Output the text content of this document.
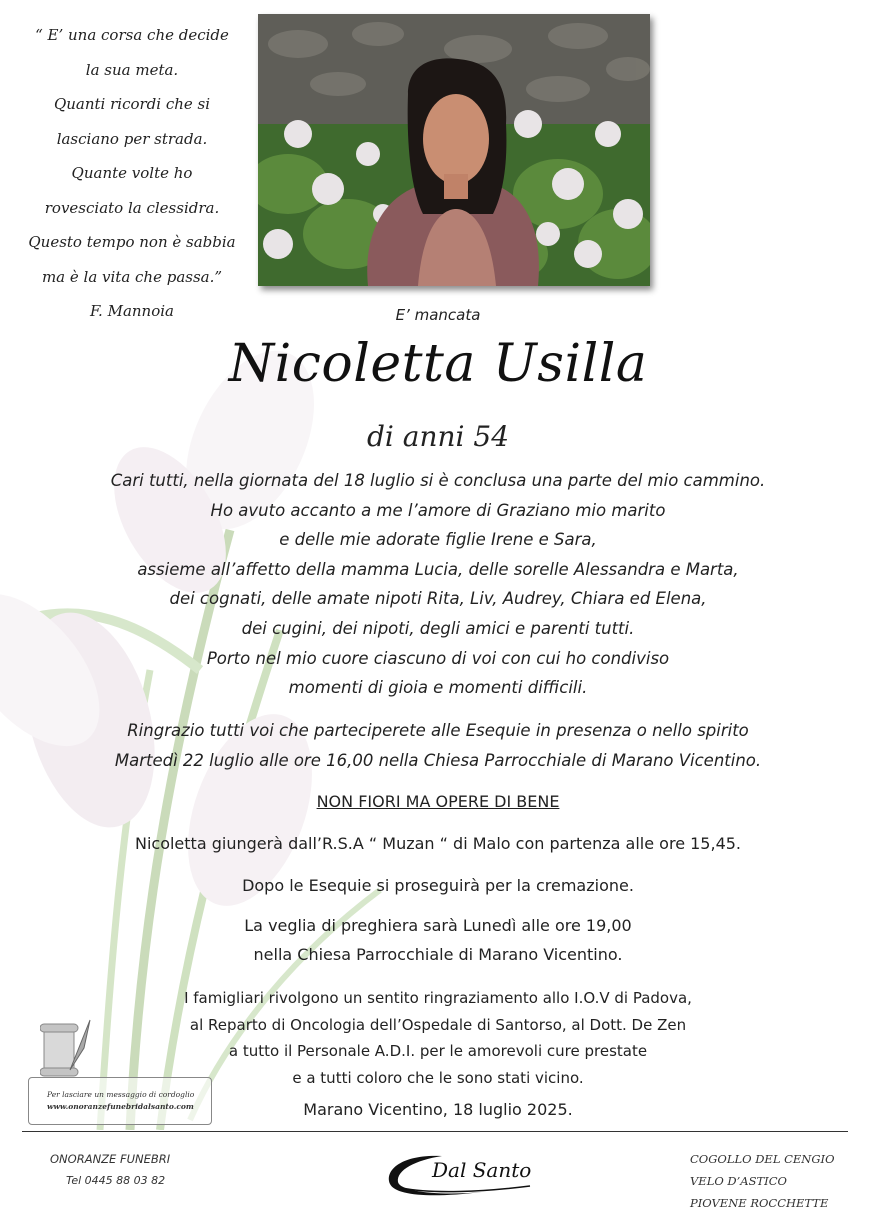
“ E’ una corsa che decide
la sua meta.
Quanti ricordi che si
lasciano per strada.
Quante volte ho
rovesciato la clessidra.
Questo tempo non è sabbia
ma è la vita che passa.”
F. Mannoia	E’ mancata
Nicoletta Usilla
di anni 54
Cari tutti, nella giornata del 18 luglio si è conclusa una parte del mio cammino.
Ho avuto accanto a me l’amore di Graziano mio marito
e delle mie adorate figlie Irene e Sara,
assieme all’affetto della mamma Lucia, delle sorelle Alessandra e Marta,
dei cognati, delle amate nipoti Rita, Liv, Audrey, Chiara ed Elena,
dei cugini, dei nipoti, degli amici e parenti tutti.
Porto nel mio cuore ciascuno di voi con cui ho condiviso
momenti di gioia e momenti difficili.
Ringrazio tutti voi che parteciperete alle Esequie in presenza o nello spirito
Martedì 22 luglio alle ore 16,00 nella Chiesa Parrocchiale di Marano Vicentino.
NON FIORI MA OPERE DI BENE
Nicoletta giungerà dall’R.S.A “ Muzan “ di Malo con partenza alle ore 15,45.
Dopo le Esequie si proseguirà per la cremazione.
La veglia di preghiera sarà Lunedì alle ore 19,00
nella Chiesa Parrocchiale di Marano Vicentino.
I famigliari rivolgono un sentito ringraziamento allo I.O.V di Padova,
al Reparto di Oncologia dell’Ospedale di Santorso, al Dott. De Zen
a tutto il Personale A.D.I. per le amorevoli cure prestate
e a tutti coloro che le sono stati vicino.
Marano Vicentino, 18 luglio 2025.
Per lasciare un messaggio di cordoglio
www.onoranzefunebridalsanto.com
ONORANZE FUNEBRI
Tel 0445 88 03 82	Dal Santo	COGOLLO DEL CENGIO
VELO D’ASTICO
PIOVENE ROCCHETTE
